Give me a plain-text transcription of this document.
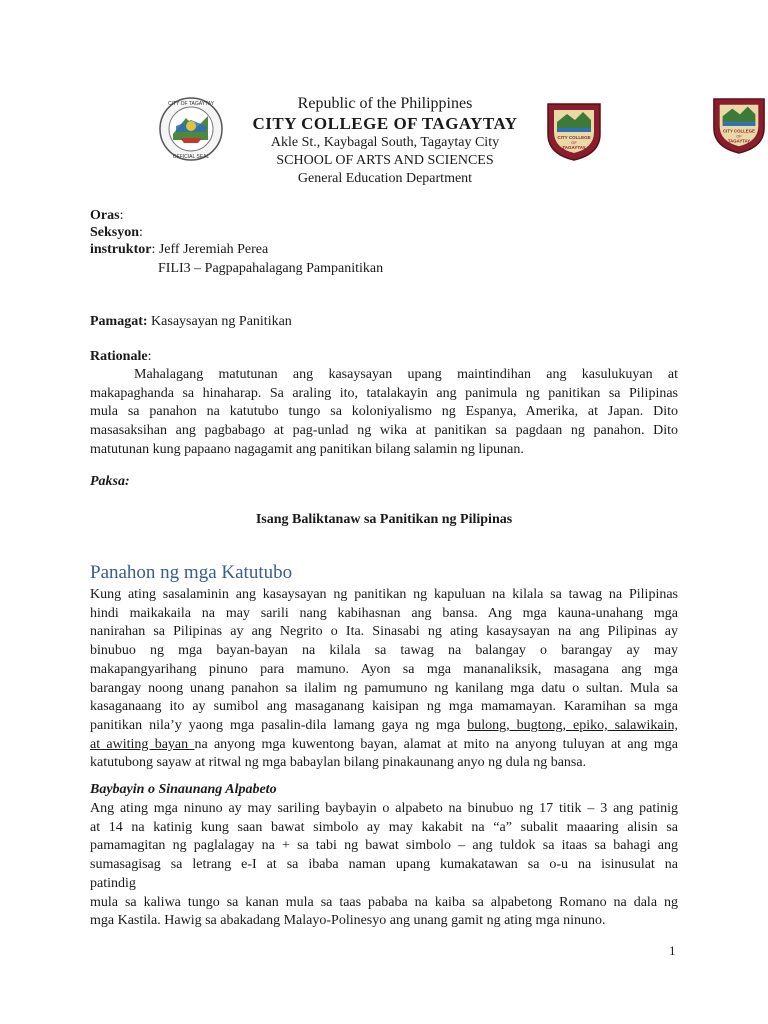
CITY OF TAGAYTAY
OFFICIAL SEAL
Republic of the Philippines
CITY COLLEGE OF TAGAYTAY
Akle St., Kaybagal South, Tagaytay City
SCHOOL OF ARTS AND SCIENCES
General Education Department
CITY COLLEGE
OF
TAGAYTAY
CITY COLLEGE
OF
TAGAYTAY
Oras:
Seksyon:
instruktor: Jeff Jeremiah Perea
FILI3 – Pagpapahalagang Pampanitikan
Pamagat: Kasaysayan ng Panitikan
Rationale:
Mahalagang matutunan ang kasaysayan upang maintindihan ang kasulukuyan at
makapaghanda sa hinaharap. Sa araling ito, tatalakayin ang panimula ng panitikan sa Pilipinas
mula sa panahon na katutubo tungo sa koloniyalismo ng Espanya, Amerika, at Japan. Dito
masasaksihan ang pagbabago at pag-unlad ng wika at panitikan sa pagdaan ng panahon. Dito
matutunan kung papaano nagagamit ang panitikan bilang salamin ng lipunan.
Paksa:
Isang Baliktanaw sa Panitikan ng Pilipinas
Panahon ng mga Katutubo
Kung ating sasalaminin ang kasaysayan ng panitikan ng kapuluan na kilala sa tawag na Pilipinas
hindi maikakaila na may sarili nang kabihasnan ang bansa. Ang mga kauna-unahang mga
nanirahan sa Pilipinas ay ang Negrito o Ita. Sinasabi ng ating kasaysayan na ang Pilipinas ay
binubuo ng mga bayan-bayan na kilala sa tawag na balangay o barangay ay may
makapangyarihang pinuno para mamuno. Ayon sa mga mananaliksik, masagana ang mga
barangay noong unang panahon sa ilalim ng pamumuno ng kanilang mga datu o sultan. Mula sa
kasaganaang ito ay sumibol ang masaganang kaisipan ng mga mamamayan. Karamihan sa mga
panitikan nila’y yaong mga pasalin-dila lamang gaya ng mga bulong, bugtong, epiko, salawikain,
at awiting bayan na anyong mga kuwentong bayan, alamat at mito na anyong tuluyan at ang mga
katutubong sayaw at ritwal ng mga babaylan bilang pinakaunang anyo ng dula ng bansa.
Baybayin o Sinaunang Alpabeto
Ang ating mga ninuno ay may sariling baybayin o alpabeto na binubuo ng 17 titik – 3 ang patinig
at 14 na katinig kung saan bawat simbolo ay may kakabit na “a” subalit maaaring alisin sa
pamamagitan ng paglalagay na + sa tabi ng bawat simbolo – ang tuldok sa itaas sa bahagi ang
sumasagisag sa letrang e-I at sa ibaba naman upang kumakatawan sa o-u na isinusulat na
patindig
mula sa kaliwa tungo sa kanan mula sa taas pababa na kaiba sa alpabetong Romano na dala ng
mga Kastila. Hawig sa abakadang Malayo-Polinesyo ang unang gamit ng ating mga ninuno.
1
